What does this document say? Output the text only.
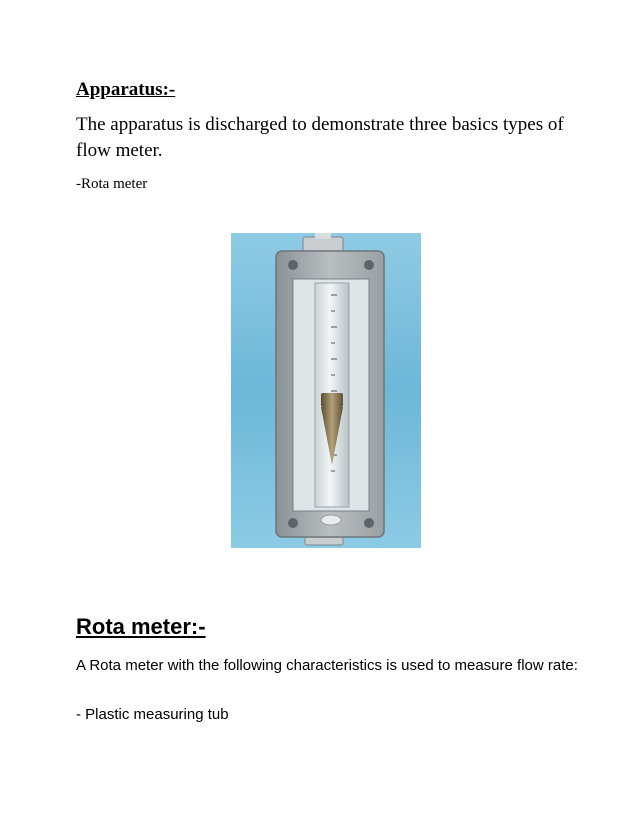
Apparatus:-

The apparatus is discharged to demonstrate three basics types of flow meter.

-Rota meter

Rota meter:-

A Rota meter with the following characteristics is used to measure flow rate:

- Plastic measuring tub
